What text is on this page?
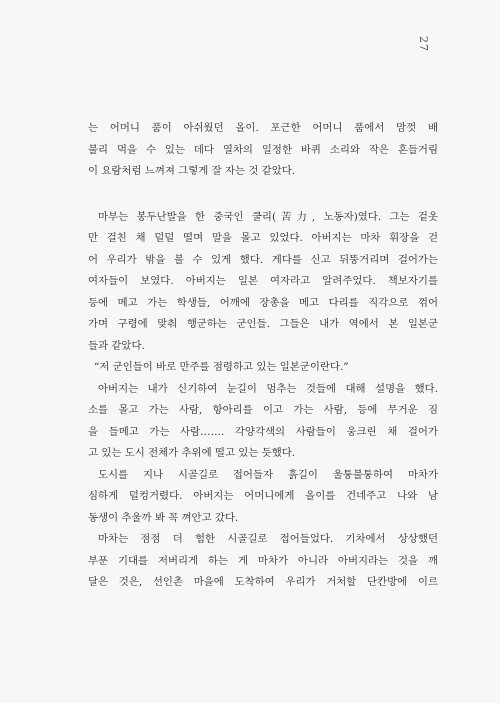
27
는 어머니 품이 아쉬웠던 올이. 포근한 어머니 품에서 맘껏 배
불리 먹을 수 있는 데다 열차의 일정한 바퀴 소리와 작은 흔들거림
이 요람처럼 느껴져 그렇게 잘 자는 것 같았다.
마부는 봉두난발을 한 중국인 쿨리(苦力, 노동자)였다. 그는 겉옷
만 걸친 채 덜덜 떨며 말을 몰고 있었다. 아버지는 마차 휘장을 걷
어 우리가 밖을 볼 수 있게 했다. 게다를 신고 뒤뚱거리며 걸어가는
여자들이 보였다. 아버지는 일본 여자라고 알려주었다. 책보자기를
등에 메고 가는 학생들, 어깨에 장총을 메고 다리를 직각으로 꺾어
가며 구령에 맞춰 행군하는 군인들. 그들은 내가 역에서 본 일본군
들과 같았다.
“저 군인들이 바로 만주를 점령하고 있는 일본군이란다.”
아버지는 내가 신기하여 눈길이 멈추는 것들에 대해 설명을 했다.
소를 몰고 가는 사람, 항아리를 이고 가는 사람, 등에 무거운 짐
을 들메고 가는 사람……. 각양각색의 사람들이 웅크린 채 걸어가
고 있는 도시 전체가 추위에 떨고 있는 듯했다.
도시를 지나 시골길로 접어들자 흙길이 울퉁불퉁하여 마차가
심하게 덜컹거렸다. 아버지는 어머니에게 올이를 건네주고 나와 남
동생이 추울까 봐 꼭 껴안고 갔다.
마차는 점점 더 험한 시골길로 접어들었다. 기차에서 상상했던
부푼 기대를 저버리게 하는 게 마차가 아니라 아버지라는 것을 깨
달은 것은, 선인촌 마을에 도착하여 우리가 거처할 단칸방에 이르
